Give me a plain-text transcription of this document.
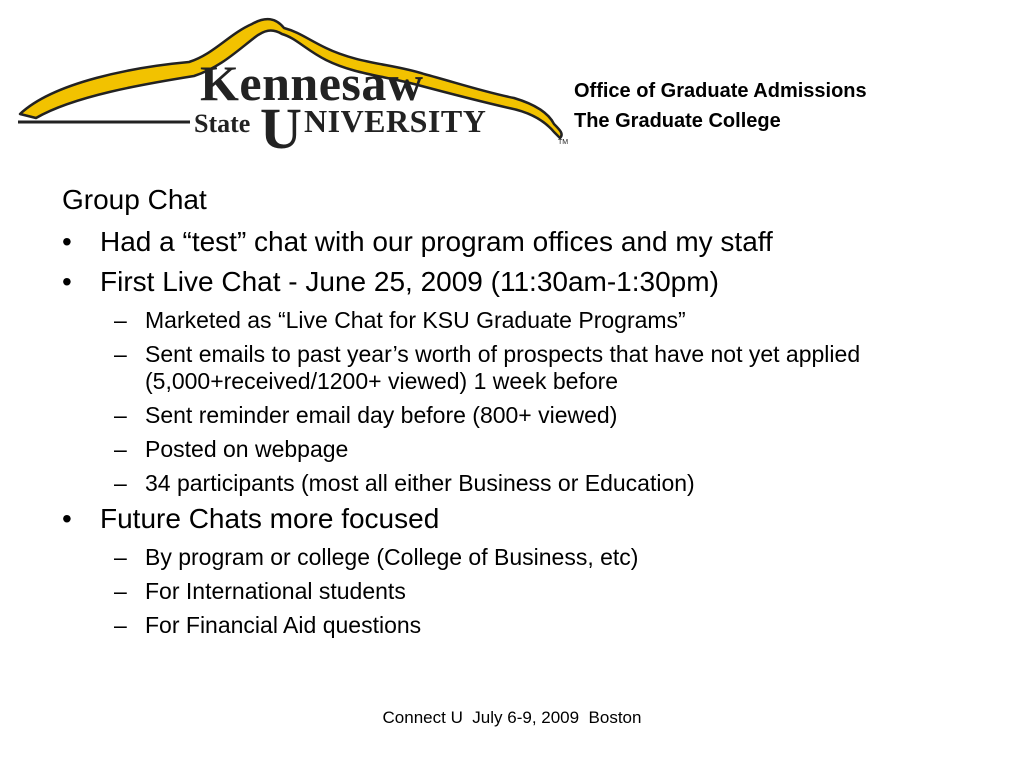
Kennesaw
State U NIVERSITY
TM
Office of Graduate Admissions
The Graduate College
Group Chat
• Had a “test” chat with our program offices and my staff
• First Live Chat - June 25, 2009 (11:30am-1:30pm)
– Marketed as “Live Chat for KSU Graduate Programs”
– Sent emails to past year’s worth of prospects that have not yet applied (5,000+received/1200+ viewed) 1 week before
– Sent reminder email day before (800+ viewed)
– Posted on webpage
– 34 participants (most all either Business or Education)
• Future Chats more focused
– By program or college (College of Business, etc)
– For International students
– For Financial Aid questions
Connect U  July 6-9, 2009  Boston
